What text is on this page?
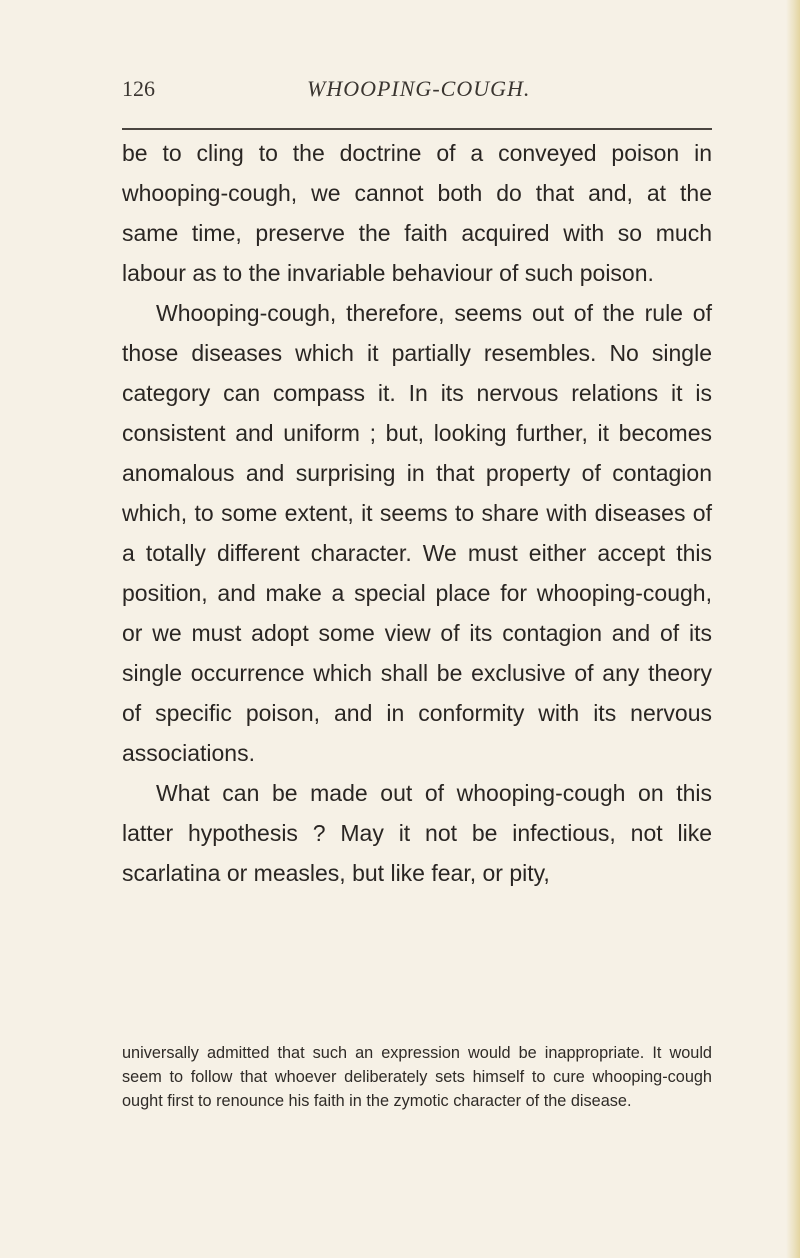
126	WHOOPING-COUGH.

be to cling to the doctrine of a conveyed poison in whooping-cough, we cannot both do that and, at the same time, preserve the faith acquired with so much labour as to the invariable behaviour of such poison.

Whooping-cough, therefore, seems out of the rule of those diseases which it partially resembles. No single category can compass it. In its nervous relations it is consistent and uniform ; but, looking further, it becomes anomalous and surprising in that property of contagion which, to some extent, it seems to share with diseases of a totally different character. We must either accept this position, and make a special place for whooping-cough, or we must adopt some view of its contagion and of its single occurrence which shall be exclusive of any theory of specific poison, and in conformity with its nervous associations.

What can be made out of whooping-cough on this latter hypothesis ? May it not be infectious, not like scarlatina or measles, but like fear, or pity,

universally admitted that such an expression would be inappropriate. It would seem to follow that whoever deliberately sets himself to cure whooping-cough ought first to renounce his faith in the zymotic character of the disease.
